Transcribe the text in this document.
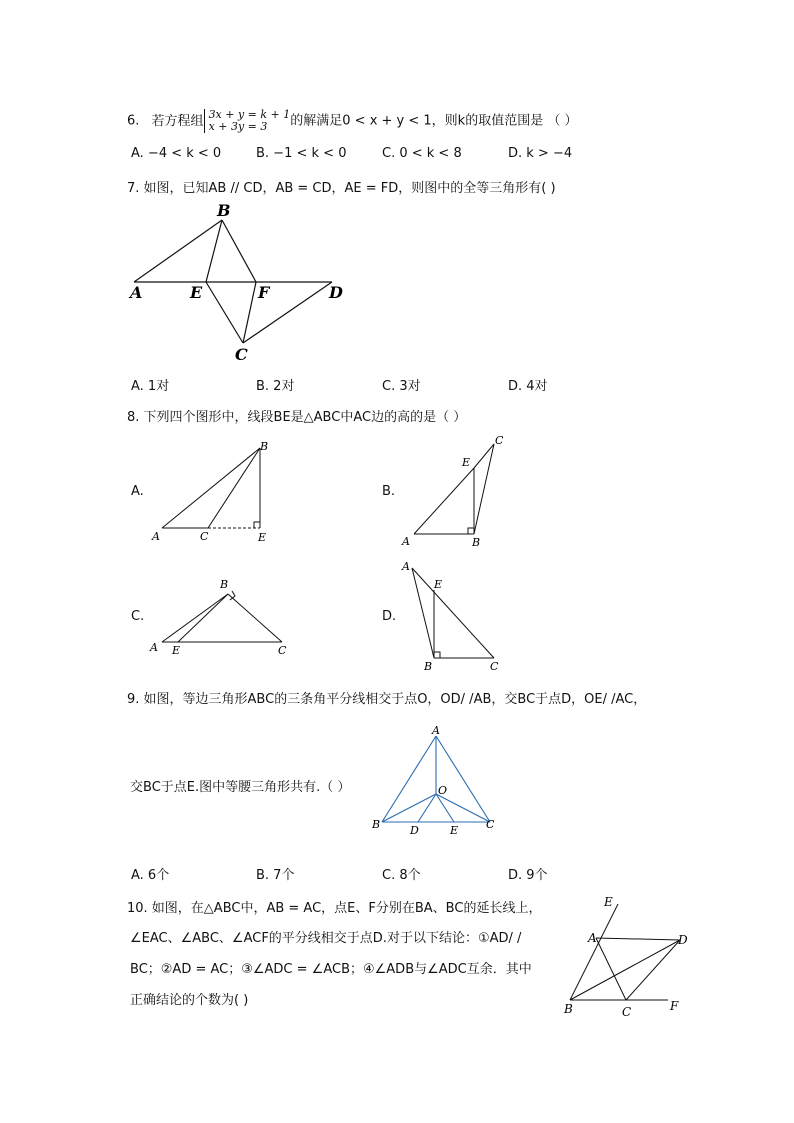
6. 若方程组 3x + y = k + 1
x + 3y = 3 的解满足0 < x + y < 1，则k的取值范围是 （ ）
A. −4 < k < 0	B. −1 < k < 0	C. 0 < k < 8	D. k > −4
7. 如图，已知AB // CD，AB = CD，AE = FD，则图中的全等三角形有( )
B
A	E	F	D
C
A. 1对	B. 2对	C. 3对	D. 4对
8. 下列四个图形中，线段BE是△ABC中AC边的高的是（ ）
A.	B.
C.	D.
B
A	C	E
C
E
A	B
B
A E	C
A
E
B	C
9. 如图，等边三角形ABC的三条角平分线相交于点O，OD/ /AB，交BC于点D，OE/ /AC，
交BC于点E.图中等腰三角形共有.（ ）
A
O
B	D	E	C
A. 6个	B. 7个	C. 8个	D. 9个
10. 如图，在△ABC中，AB = AC，点E、F分别在BA、BC的延长线上，
∠EAC、∠ABC、∠ACF的平分线相交于点D.对于以下结论：①AD/ /
BC；②AD = AC；③∠ADC = ∠ACB；④∠ADB与∠ADC互余．其中
正确结论的个数为( )
E
A	D
B	C	F
